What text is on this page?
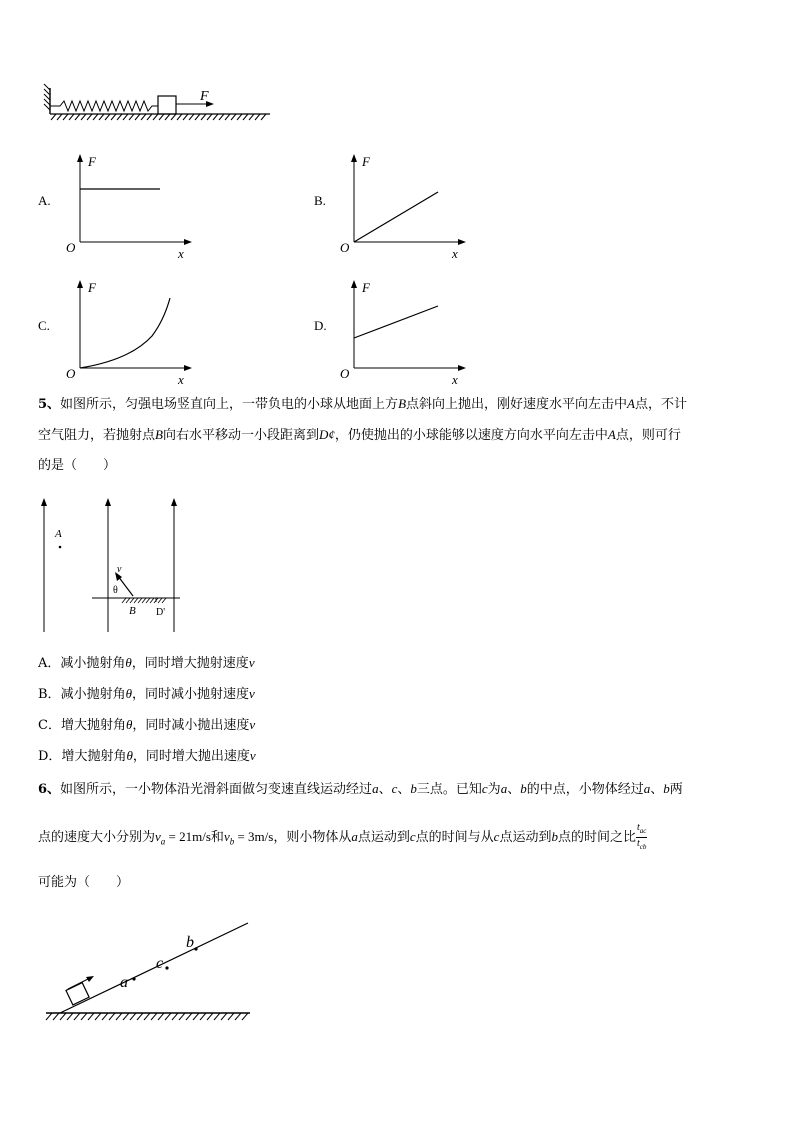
F
A.
F
O	x
B.
F
O	x
C.
F
O	x
D.
F
O	x
5、如图所示，匀强电场竖直向上，一带负电的小球从地面上方B点斜向上抛出，刚好速度水平向左击中A点，不计
空气阻力，若抛射点B向右水平移动一小段距离到D¢，仍使抛出的小球能够以速度方向水平向左击中A点，则可行
的是（　　）
A
v
θ
B D'
A．减小抛射角θ，同时增大抛射速度v
B．减小抛射角θ，同时减小抛射速度v
C．增大抛射角θ，同时减小抛出速度v
D．增大抛射角θ，同时增大抛出速度v
6、如图所示，一小物体沿光滑斜面做匀变速直线运动经过a、c、b三点。已知c为a、b的中点，小物体经过a、b两
点的速度大小分别为$v_a = 21m/s$和$v_b = 3m/s$，则小物体从a点运动到c点的时间与从c点运动到b点的时间之比 $\frac{t_{ac}}{t_{cb}}$
可能为（　　）
a
c
b
